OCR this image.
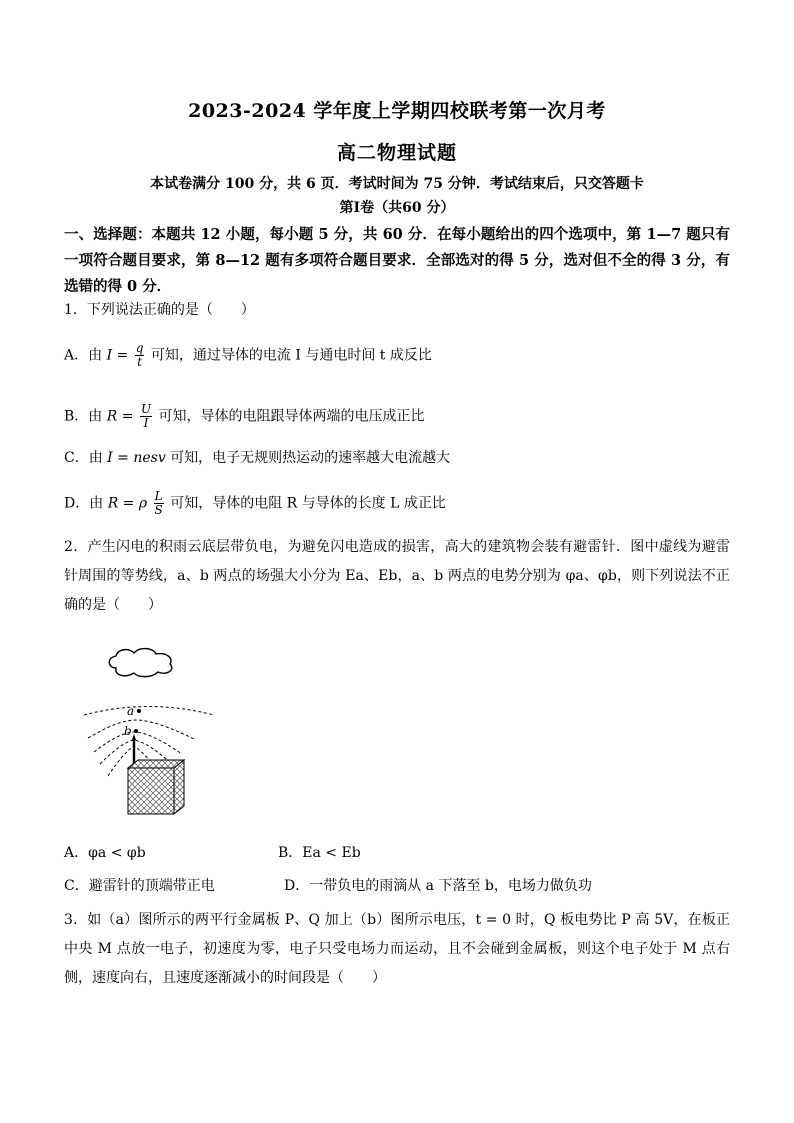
2023-2024 学年度上学期四校联考第一次月考
高二物理试题
本试卷满分 100 分，共 6 页．考试时间为 75 分钟．考试结束后，只交答题卡
第Ⅰ卷（共60 分）
一、选择题：本题共 12 小题，每小题 5 分，共 60 分．在每小题给出的四个选项中，第 1—7 题只有一项符合题目要求，第 8—12 题有多项符合题目要求．全部选对的得 5 分，选对但不全的得 3 分，有选错的得 0 分．
1．下列说法正确的是（　　）
A．由 $I = \frac{q}{t}$ 可知，通过导体的电流 I 与通电时间 t 成反比
B．由 $R = \frac{U}{I}$ 可知，导体的电阻跟导体两端的电压成正比
C．由 I = nesv 可知，电子无规则热运动的速率越大电流越大
D．由 R = ρ $\frac{L}{S}$ 可知，导体的电阻 R 与导体的长度 L 成正比
2．产生闪电的积雨云底层带负电，为避免闪电造成的损害，高大的建筑物会装有避雷针．图中虚线为避雷针周围的等势线，a、b 两点的场强大小分为 Ea、Eb，a、b 两点的电势分别为 φa、φb，则下列说法不正确的是（　　）
a
b
A．φa < φb	B．Ea < Eb
C．避雷针的顶端带正电	D．一带负电的雨滴从 a 下落至 b，电场力做负功
3．如（a）图所示的两平行金属板 P、Q 加上（b）图所示电压，t = 0 时，Q 板电势比 P 高 5V，在板正中央 M 点放一电子，初速度为零，电子只受电场力而运动，且不会碰到金属板，则这个电子处于 M 点右侧，速度向右，且速度逐渐减小的时间段是（　　）
